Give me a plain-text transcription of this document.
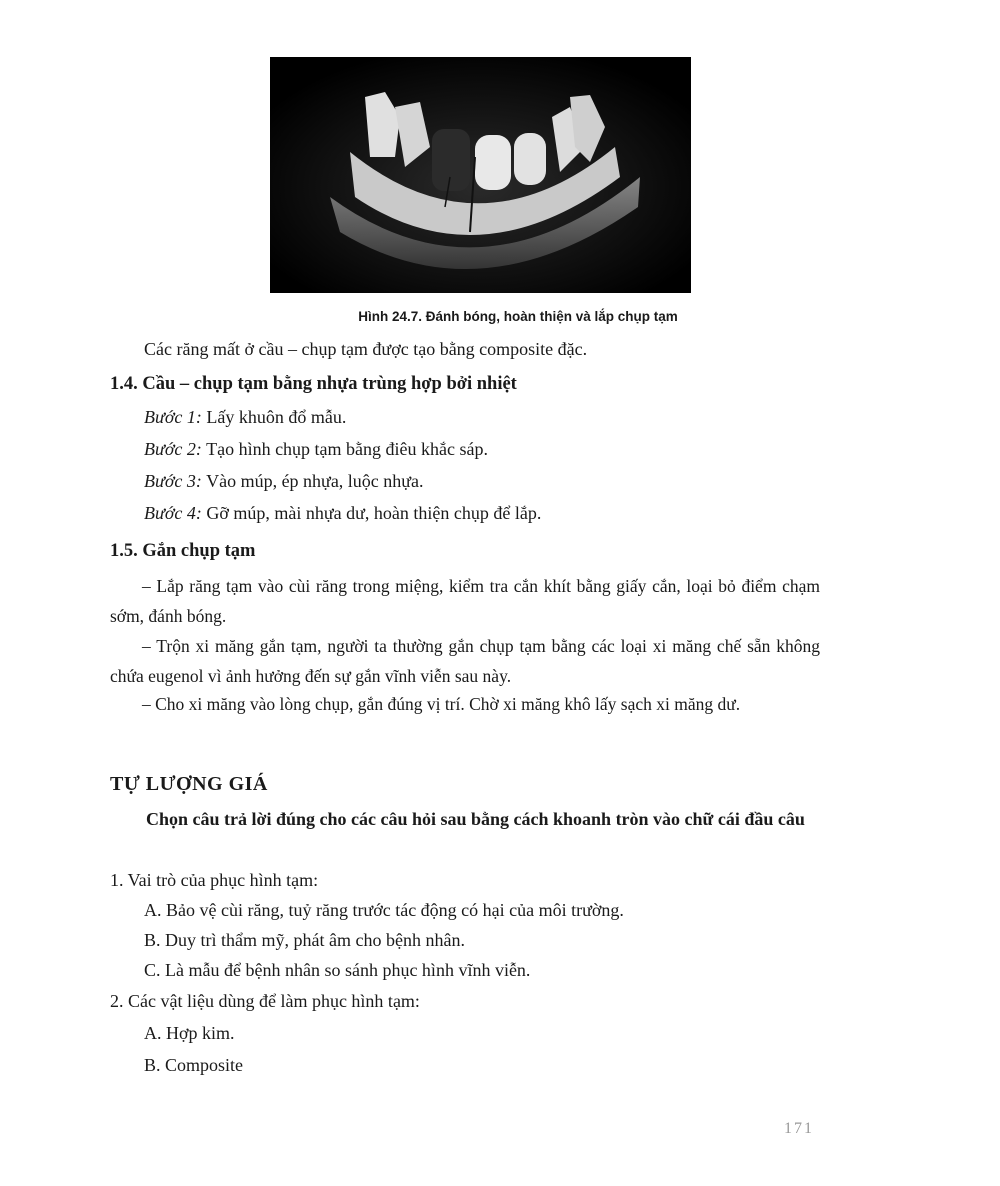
Hình 24.7. Đánh bóng, hoàn thiện và lắp chụp tạm
Các răng mất ở cầu – chụp tạm được tạo bằng composite đặc.
1.4. Cầu – chụp tạm bằng nhựa trùng hợp bởi nhiệt
Bước 1: Lấy khuôn đổ mẫu.
Bước 2: Tạo hình chụp tạm bằng điêu khắc sáp.
Bước 3: Vào múp, ép nhựa, luộc nhựa.
Bước 4: Gỡ múp, mài nhựa dư, hoàn thiện chụp để lắp.
1.5. Gắn chụp tạm
– Lắp răng tạm vào cùi răng trong miệng, kiểm tra cắn khít bằng giấy cắn, loại bỏ điểm chạm sớm, đánh bóng.
– Trộn xi măng gắn tạm, người ta thường gắn chụp tạm bằng các loại xi măng chế sẵn không chứa eugenol vì ảnh hưởng đến sự gắn vĩnh viễn sau này.
– Cho xi măng vào lòng chụp, gắn đúng vị trí. Chờ xi măng khô lấy sạch xi măng dư.
TỰ LƯỢNG GIÁ
Chọn câu trả lời đúng cho các câu hỏi sau bằng cách khoanh tròn vào chữ cái đầu câu
1. Vai trò của phục hình tạm:
A. Bảo vệ cùi răng, tuỷ răng trước tác động có hại của môi trường.
B. Duy trì thẩm mỹ, phát âm cho bệnh nhân.
C. Là mẫu để bệnh nhân so sánh phục hình vĩnh viễn.
2. Các vật liệu dùng để làm phục hình tạm:
A. Hợp kim.
B. Composite
171
